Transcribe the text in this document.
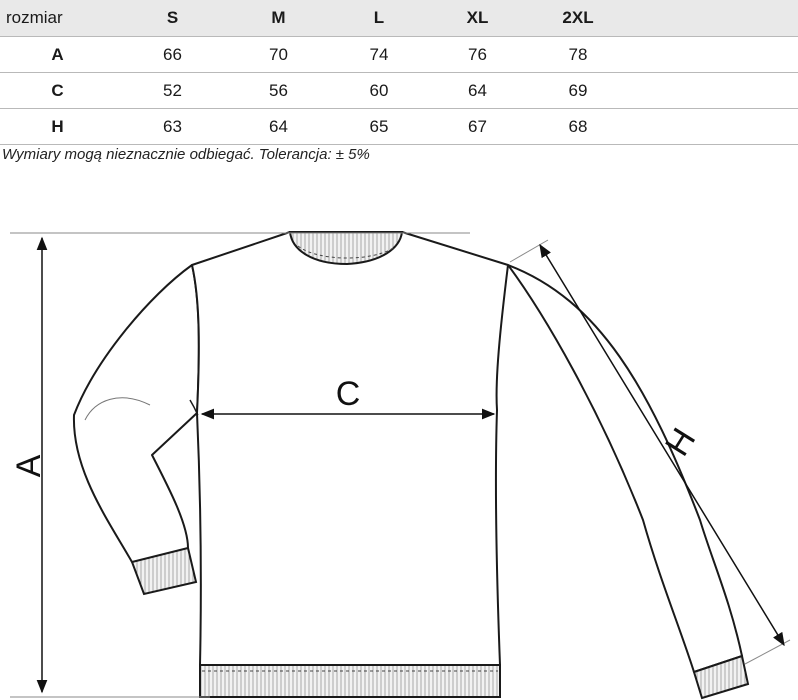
rozmiar	S	M	L	XL	2XL	
A	66	70	74	76	78	
C	52	56	60	64	69	
H	63	64	65	67	68	
Wymiary mogą nieznacznie odbiegać. Tolerancja: ± 5%
A
C
H
